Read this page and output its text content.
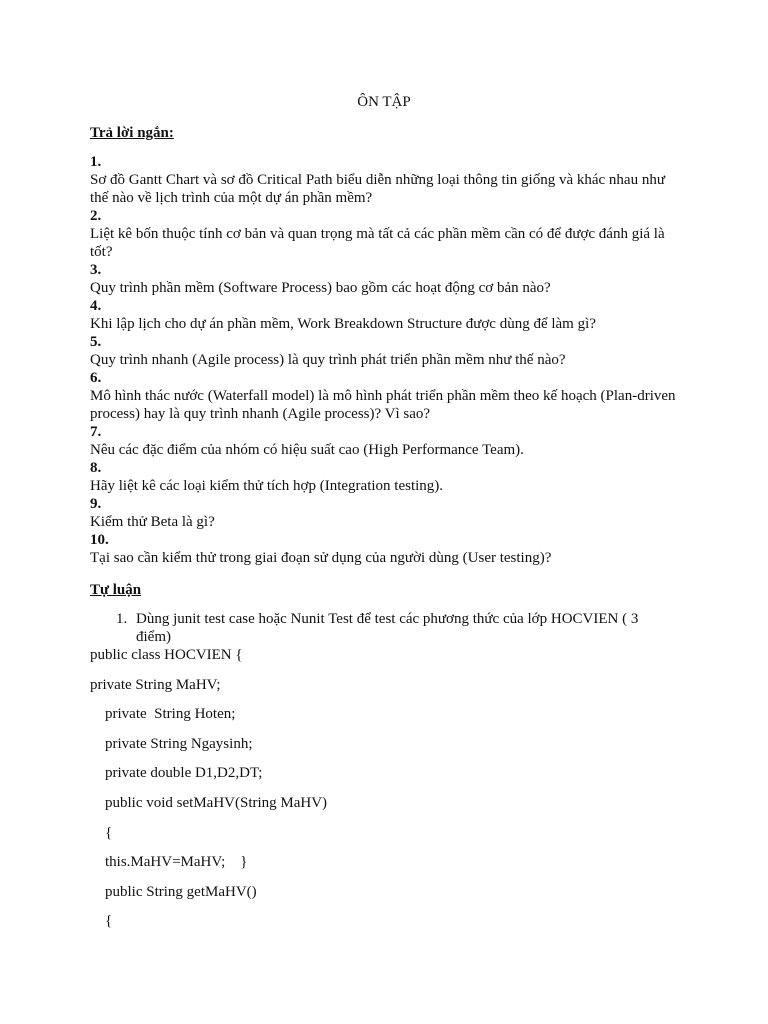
ÔN TẬP
Trả lời ngắn:
1.
Sơ đồ Gantt Chart và sơ đồ Critical Path biểu diễn những loại thông tin giống và khác nhau như thế nào về lịch trình của một dự án phần mềm?
2.
Liệt kê bốn thuộc tính cơ bản và quan trọng mà tất cả các phần mềm cần có để được đánh giá là tốt?
3.
Quy trình phần mềm (Software Process) bao gồm các hoạt động cơ bản nào?
4.
Khi lập lịch cho dự án phần mềm, Work Breakdown Structure được dùng để làm gì?
5.
Quy trình nhanh (Agile process) là quy trình phát triển phần mềm như thế nào?
6.
Mô hình thác nước (Waterfall model) là mô hình phát triển phần mềm theo kế hoạch (Plan-driven process) hay là quy trình nhanh (Agile process)? Vì sao?
7.
Nêu các đặc điểm của nhóm có hiệu suất cao (High Performance Team).
8.
Hãy liệt kê các loại kiểm thử tích hợp (Integration testing).
9.
Kiểm thử Beta là gì?
10.
Tại sao cần kiểm thử trong giai đoạn sử dụng của người dùng (User testing)?
Tự luận
1. Dùng junit test case hoặc Nunit Test để test các phương thức của lớp HOCVIEN ( 3 điểm)
public class HOCVIEN {
private String MaHV;
private  String Hoten;
private String Ngaysinh;
private double D1,D2,DT;
public void setMaHV(String MaHV)
{
this.MaHV=MaHV;    }
public String getMaHV()
{
